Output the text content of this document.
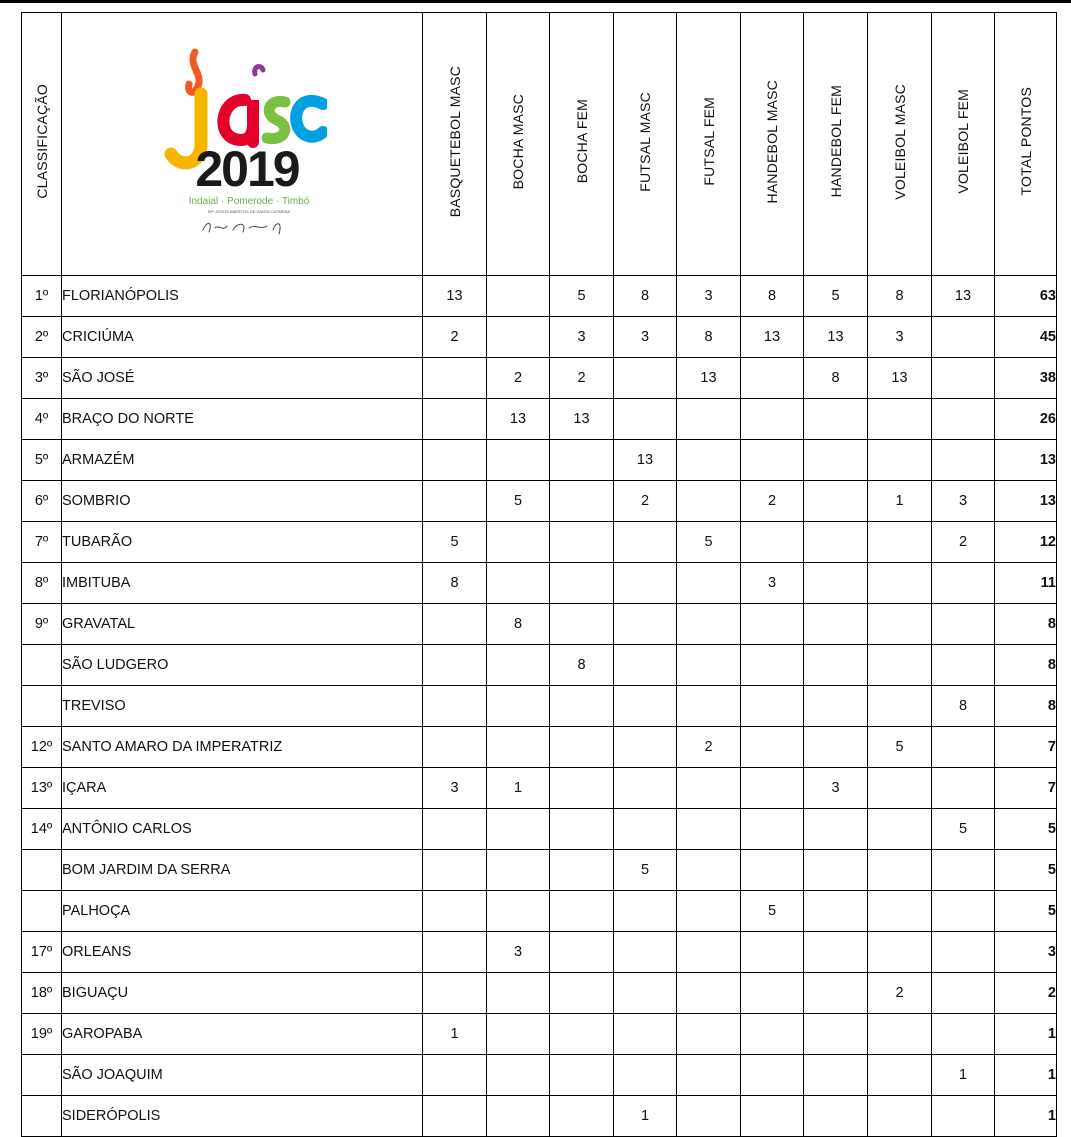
CLASSIFICAÇÃO	2019
Indaial · Pomerode · Timbó
59º JOGOS ABERTOS DE SANTA CATARINA	BASQUETEBOL MASC	BOCHA MASC	BOCHA FEM	FUTSAL MASC	FUTSAL FEM	HANDEBOL MASC	HANDEBOL FEM	VOLEIBOL MASC	VOLEIBOL FEM	TOTAL PONTOS
1º	FLORIANÓPOLIS	13		5	8	3	8	5	8	13	63
2º	CRICIÚMA	2		3	3	8	13	13	3		45
3º	SÃO JOSÉ		2	2		13		8	13		38
4º	BRAÇO DO NORTE		13	13							26
5º	ARMAZÉM				13						13
6º	SOMBRIO		5		2		2		1	3	13
7º	TUBARÃO	5				5				2	12
8º	IMBITUBA	8					3				11
9º	GRAVATAL		8								8
	SÃO LUDGERO			8							8
	TREVISO									8	8
12º	SANTO AMARO DA IMPERATRIZ					2			5		7
13º	IÇARA	3	1					3			7
14º	ANTÔNIO CARLOS									5	5
	BOM JARDIM DA SERRA				5						5
	PALHOÇA						5				5
17º	ORLEANS		3								3
18º	BIGUAÇU								2		2
19º	GAROPABA	1									1
	SÃO JOAQUIM									1	1
	SIDERÓPOLIS				1						1
